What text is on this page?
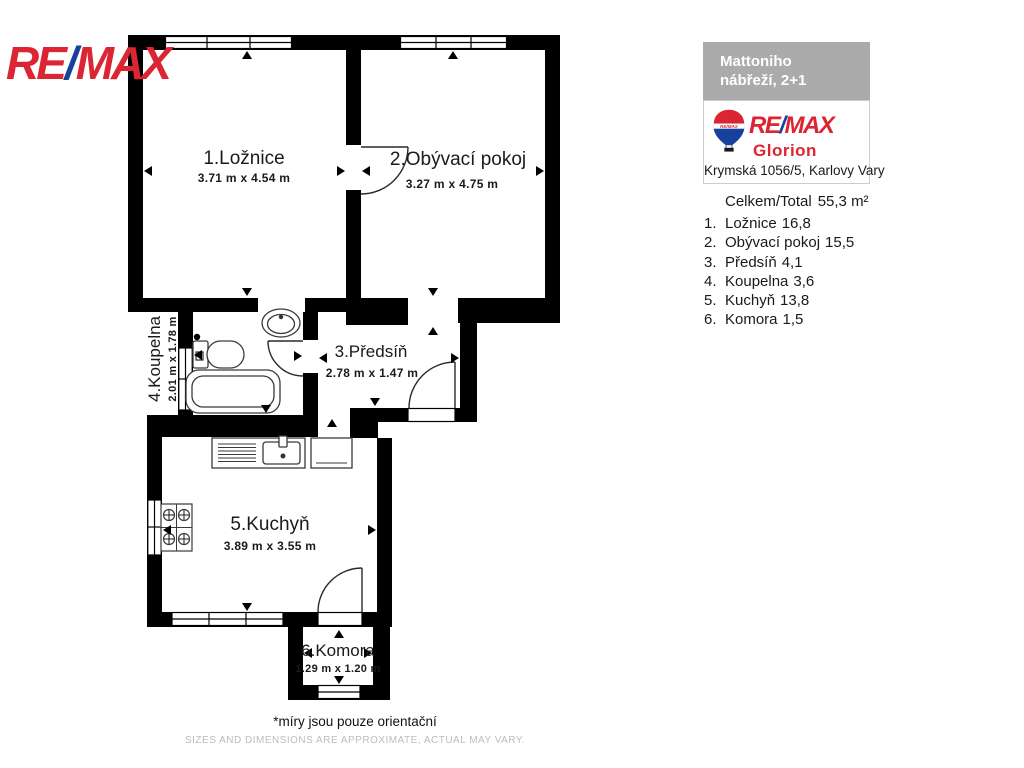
1.Ložnice
3.71 m x 4.54 m
2.Obývací pokoj
3.27 m x 4.75 m
3.Předsíň
2.78 m x 1.47 m
4.Koupelna 2.01 m x 1.78 m
5.Kuchyň
3.89 m x 3.55 m
6.Komora
1.29 m x 1.20 m
RE/MAX	Mattoniho
nábřeží, 2+1
RE/MAX RE/MAX
Glorion
Krymská 1056/5, Karlovy Vary
Celkem/Total 55,3 m²
1. Ložnice 16,8
2. Obývací pokoj 15,5
3. Předsíň 4,1
4. Koupelna 3,6
5. Kuchyň 13,8
6. Komora 1,5
*míry jsou pouze orientační
SIZES AND DIMENSIONS ARE APPROXIMATE, ACTUAL MAY VARY.
